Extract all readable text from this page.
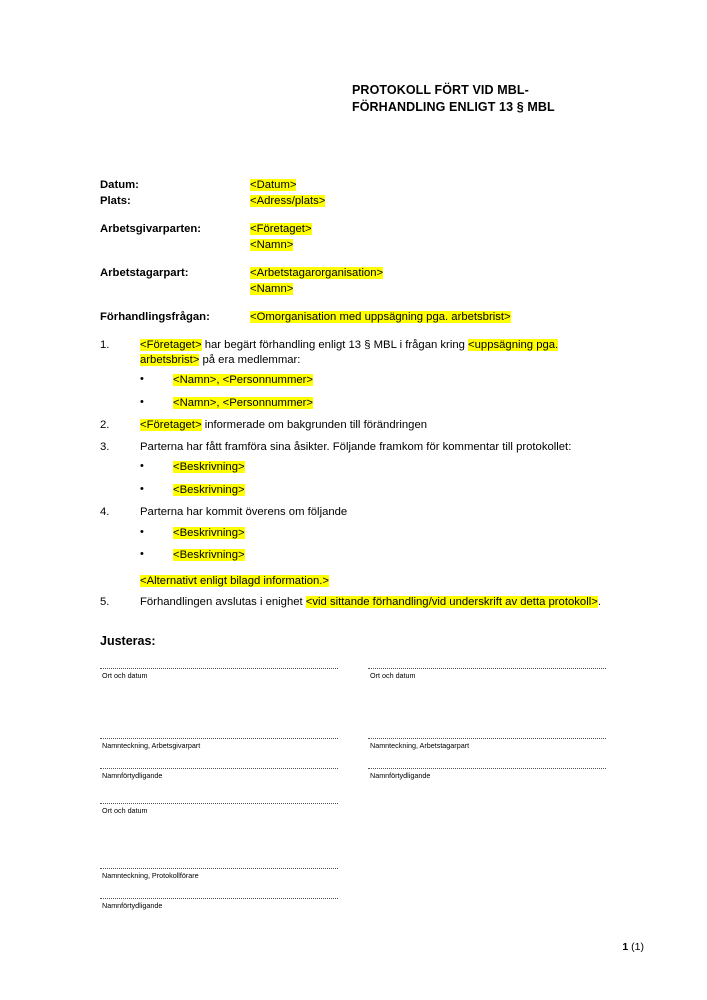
PROTOKOLL FÖRT VID MBL-
FÖRHANDLING ENLIGT 13 § MBL
Datum:	<Datum>
Plats:	<Adress/plats>
Arbetsgivarparten:	<Företaget>
<Namn>
Arbetstagarpart:	<Arbetstagarorganisation>
<Namn>
Förhandlingsfrågan:	<Omorganisation med uppsägning pga. arbetsbrist>
1.	<Företaget> har begärt förhandling enligt 13 § MBL i frågan kring <uppsägning pga. arbetsbrist> på era medlemmar:
• <Namn>, <Personnummer>
• <Namn>, <Personnummer>
2.	<Företaget> informerade om bakgrunden till förändringen
3.	Parterna har fått framföra sina åsikter. Följande framkom för kommentar till protokollet:
• <Beskrivning>
• <Beskrivning>
4.	Parterna har kommit överens om följande
• <Beskrivning>
• <Beskrivning>
<Alternativt enligt bilagd information.>
5.	Förhandlingen avslutas i enighet <vid sittande förhandling/vid underskrift av detta protokoll>.
Justeras:
Ort och datum
Namnteckning, Arbetsgivarpart
Namnförtydligande
Ort och datum
Namnteckning, Arbetstagarpart
Namnförtydligande
Ort och datum
Namnteckning, Protokollförare
Namnförtydligande
1 (1)
